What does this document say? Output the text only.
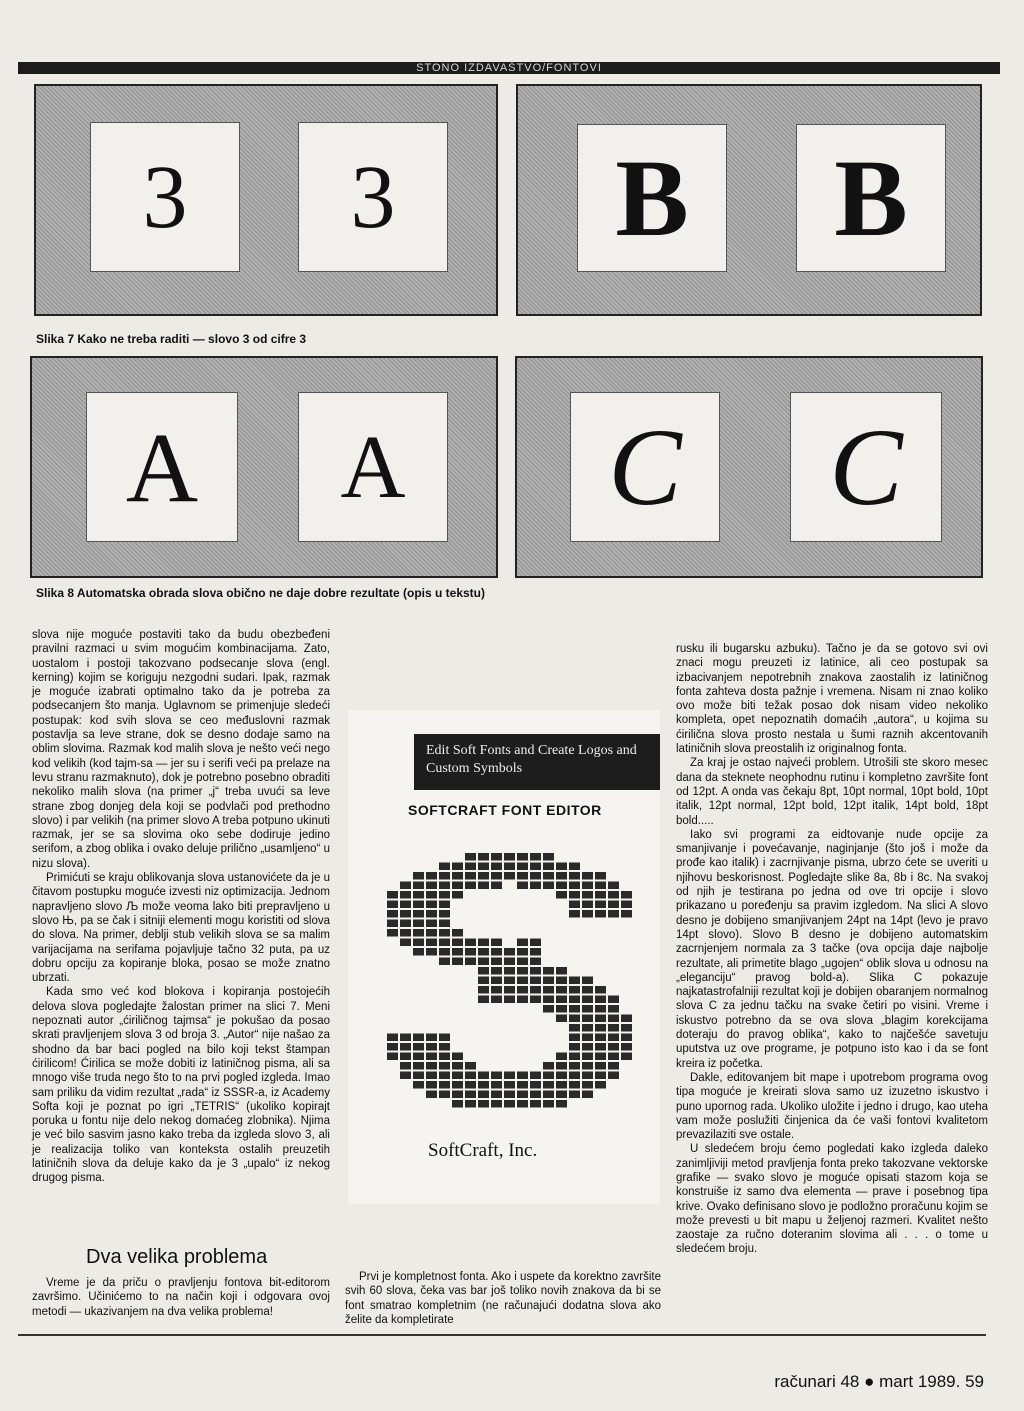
STONO IZDAVAŠTVO/FONTOVI
3	3	B	B
Slika 7 Kako ne treba raditi — slovo 3 od cifre 3
A	A	C	C
Slika 8 Automatska obrada slova obično ne daje dobre rezultate (opis u tekstu)

slova nije moguće postaviti tako da budu obezbeđeni pravilni razmaci u svim mogućim kombinacijama. Zato, uostalom i postoji takozvano podsecanje slova (engl. kerning) kojim se koriguju nezgodni sudari. Ipak, razmak je moguće izabrati optimalno tako da je potreba za podsecanjem što manja. Uglavnom se primenjuje sledeći postupak: kod svih slova se ceo međuslovni razmak postavlja sa leve strane, dok se desno dodaje samo na oblim slovima. Razmak kod malih slova je nešto veći nego kod velikih (kod tajm-sa — jer su i serifi veći pa prelaze na levu stranu razmaknuto), dok je potrebno posebno obraditi nekoliko malih slova (na primer „j“ treba uvući sa leve strane zbog donjeg dela koji se podvlači pod prethodno slovo) i par velikih (na primer slovo A treba potpuno ukinuti razmak, jer se sa slovima oko sebe dodiruje jedino serifom, a zbog oblika i ovako deluje prilično „usamljeno“ u nizu slova).

Primićuti se kraju oblikovanja slova ustanovićete da je u čitavom postupku moguće izvesti niz optimizacija. Jednom napravljeno slovo Љ može veoma lako biti prepravljeno u slovo Њ, pa se čak i sitniji elementi mogu koristiti od slova do slova. Na primer, deblji stub velikih slova se sa malim varijacijama na serifama pojavljuje tačno 32 puta, pa uz dobru opciju za kopiranje bloka, posao se može znatno ubrzati.

Kada smo već kod blokova i kopiranja postojećih delova slova pogledajte žalostan primer na slici 7. Meni nepoznati autor „ćiriličnog tajmsa“ je pokušao da posao skrati pravljenjem slova 3 od broja 3. „Autor“ nije našao za shodno da bar baci pogled na bilo koji tekst štampan ćirilicom! Ćirilica se može dobiti iz latiničnog pisma, ali sa mnogo više truda nego što to na prvi pogled izgleda. Imao sam priliku da vidim rezultat „rada“ iz SSSR-a, iz Academy Softa koji je poznat po igri „TETRIS“ (ukoliko kopirajt poruka u fontu nije delo nekog domaćeg zlobnika). Njima je već bilo sasvim jasno kako treba da izgleda slovo 3, ali je realizacija toliko van konteksta ostalih preuzetih latiničnih slova da deluje kako da je 3 „upalo“ iz nekog drugog pisma.

Dva velika problema

Vreme je da priču o pravljenju fontova bit-editorom završimo. Učinićemo to na način koji i odgovara ovoj metodi — ukazivanjem na dva velika problema!

Edit Soft Fonts and Create Logos and Custom Symbols
SOFTCRAFT FONT EDITOR
SoftCraft, Inc.

Prvi je kompletnost fonta. Ako i uspete da korektno završite svih 60 slova, čeka vas bar još toliko novih znakova da bi se font smatrao kompletnim (ne računajući dodatna slova ako želite da kompletirate

rusku ili bugarsku azbuku). Tačno je da se gotovo svi ovi znaci mogu preuzeti iz latinice, ali ceo postupak sa izbacivanjem nepotrebnih znakova zaostalih iz latiničnog fonta zahteva dosta pažnje i vremena. Nisam ni znao koliko ovo može biti težak posao dok nisam video nekoliko kompleta, opet nepoznatih domaćih „autora“, u kojima su ćirilična slova prosto nestala u šumi raznih akcentovanih latiničnih slova preostalih iz originalnog fonta.

Za kraj je ostao najveći problem. Utrošili ste skoro mesec dana da steknete neophodnu rutinu i kompletno završite font od 12pt. A onda vas čekaju 8pt, 10pt normal, 10pt bold, 10pt italik, 12pt normal, 12pt bold, 12pt italik, 14pt bold, 18pt bold.....

Iako svi programi za eidtovanje nude opcije za smanjivanje i povećavanje, naginjanje (što još i može da prođe kao italik) i zacrnjivanje pisma, ubrzo ćete se uveriti u njihovu beskorisnost. Pogledajte slike 8a, 8b i 8c. Na svakoj od njih je testirana po jedna od ove tri opcije i slovo prikazano u poređenju sa pravim izgledom. Na slici A slovo desno je dobijeno smanjivanjem 24pt na 14pt (levo je pravo 14pt slovo). Slovo B desno je dobijeno automatskim zacrnjenjem normala za 3 tačke (ova opcija daje najbolje rezultate, ali primetite blago „ugojen“ oblik slova u odnosu na „eleganciju“ pravog bold-a). Slika C pokazuje najkatastrofalniji rezultat koji je dobijen obaranjem normalnog slova C za jednu tačku na svake četiri po visini. Vreme i iskustvo potrebno da se ova slova „blagim korekcijama doteraju do pravog oblika“, kako to najčešće savetuju uputstva uz ove programe, je potpuno isto kao i da se font kreira iz početka.

Dakle, editovanjem bit mape i upotrebom programa ovog tipa moguće je kreirati slova samo uz izuzetno iskustvo i puno upornog rada. Ukoliko uložite i jedno i drugo, kao uteha vam može poslužiti činjenica da će vaši fontovi kvalitetom prevazilaziti sve ostale.

U sledećem broju ćemo pogledati kako izgleda daleko zanimljiviji metod pravljenja fonta preko takozvane vektorske grafike — svako slovo je moguće opisati stazom koja se konstruiše iz samo dva elementa — prave i posebnog tipa krive. Ovako definisano slovo je podložno proračunu kojim se može prevesti u bit mapu u željenoj razmeri. Kvalitet nešto zaostaje za ručno doteranim slovima ali . . . o tome u sledećem broju.

računari 48 ● mart 1989. 59
